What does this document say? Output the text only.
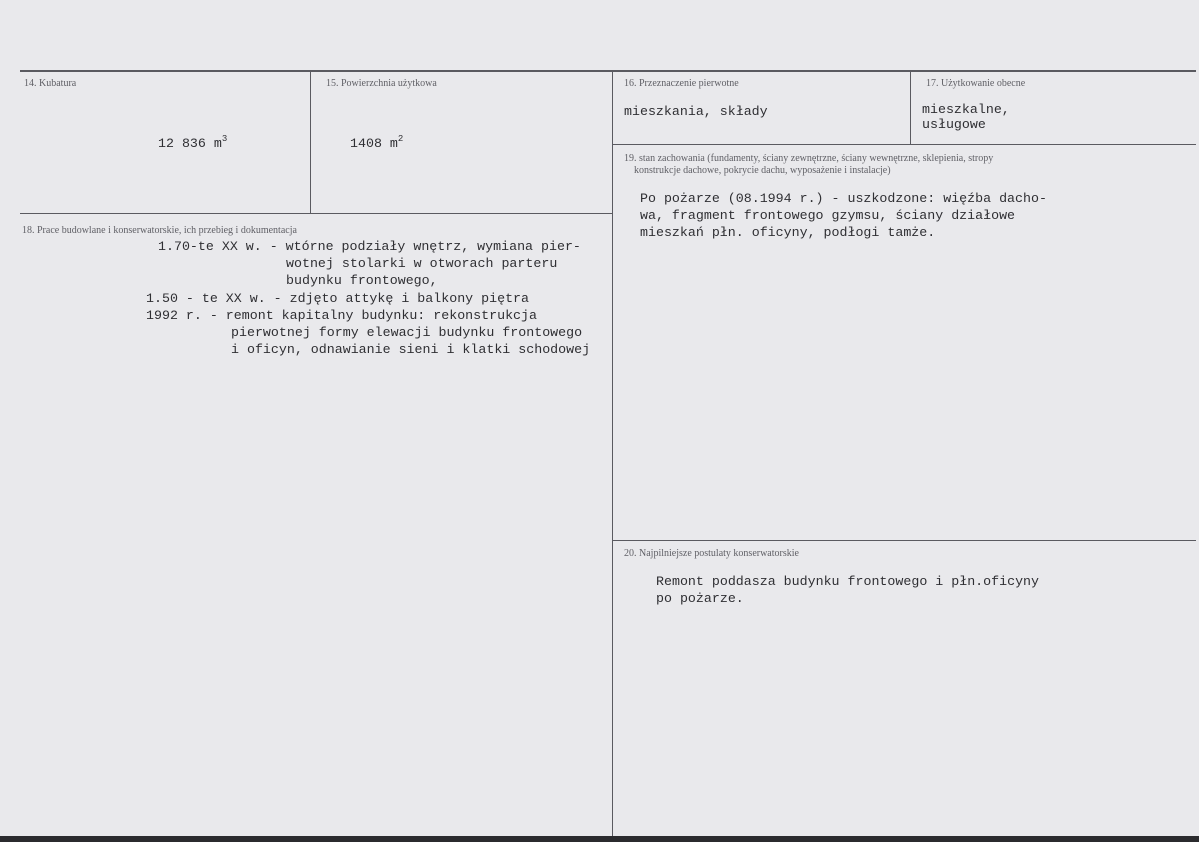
14. Kubatura
12 836 $m^3$
15. Powierzchnia użytkowa
1408 $m^2$
16. Przeznaczenie pierwotne
mieszkania, składy
17. Użytkowanie obecne
mieszkalne,
usługowe
19. stan zachowania (fundamenty, ściany zewnętrzne, ściany wewnętrzne, sklepienia, stropy
konstrukcje dachowe, pokrycie dachu, wyposażenie i instalacje)
Po pożarze (08.1994 r.) - uszkodzone: więźba dacho-
wa, fragment frontowego gzymsu, ściany działowe
mieszkań płn. oficyny, podłogi tamże.
18. Prace budowlane i konserwatorskie, ich przebieg i dokumentacja
1.70-te XX w. - wtórne podziały wnętrz, wymiana pier-
wotnej stolarki w otworach parteru
budynku frontowego,
1.50 - te XX w. - zdjęto attykę i balkony piętra
1992 r. - remont kapitalny budynku: rekonstrukcja
pierwotnej formy elewacji budynku frontowego
i oficyn, odnawianie sieni i klatki schodowej
20. Najpilniejsze postulaty konserwatorskie
Remont poddasza budynku frontowego i płn.oficyny
po pożarze.
